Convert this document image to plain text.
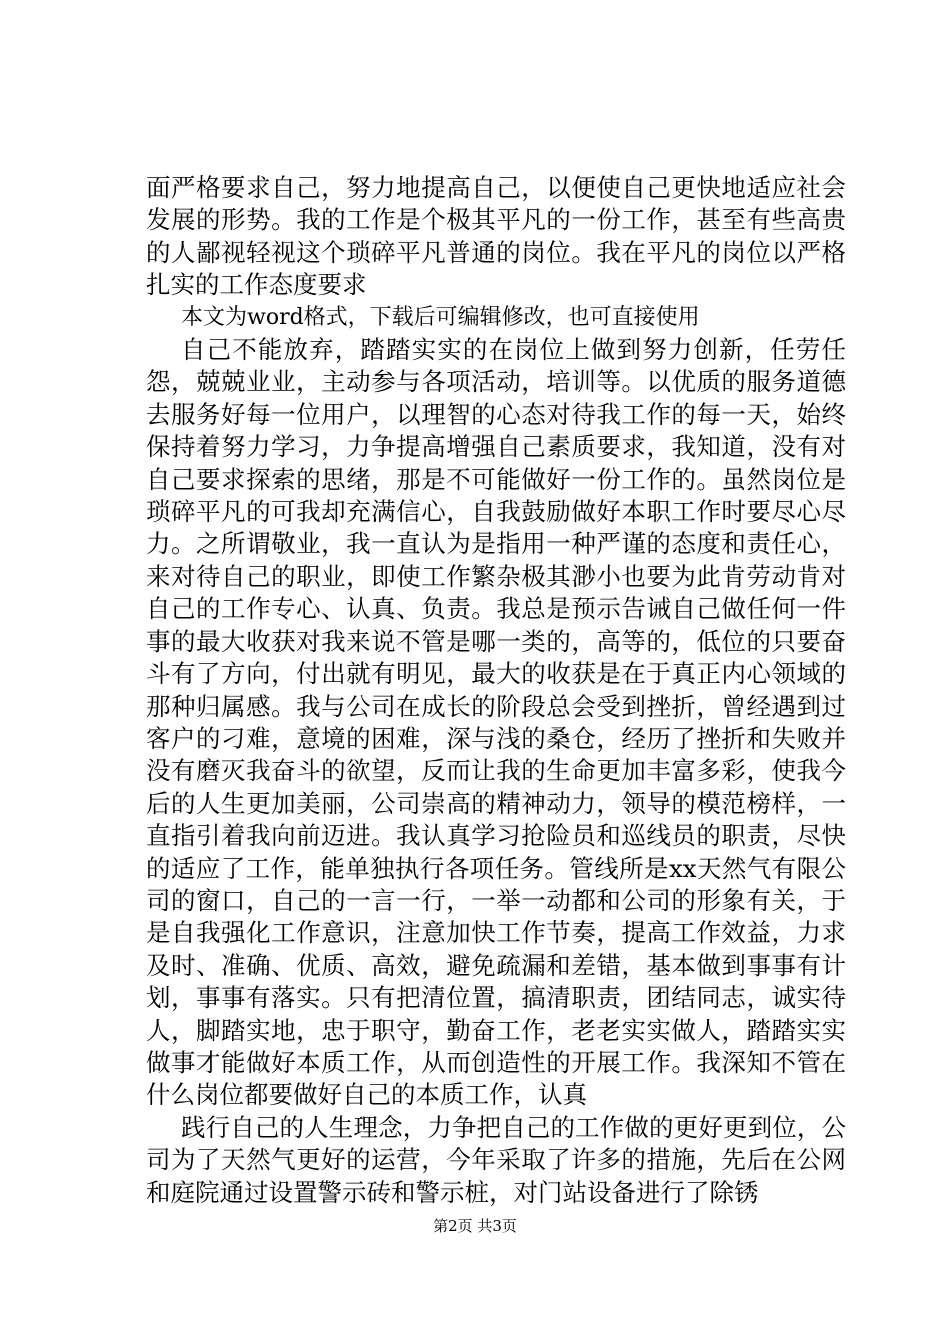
面严格要求自己，努力地提高自己，以便使自己更快地适应社会发展的形势。我的工作是个极其平凡的一份工作，甚至有些高贵的人鄙视轻视这个琐碎平凡普通的岗位。我在平凡的岗位以严格扎实的工作态度要求

本文为word格式，下载后可编辑修改，也可直接使用

自己不能放弃，踏踏实实的在岗位上做到努力创新，任劳任怨，兢兢业业，主动参与各项活动，培训等。以优质的服务道德去服务好每一位用户，以理智的心态对待我工作的每一天，始终保持着努力学习，力争提高增强自己素质要求，我知道，没有对自己要求探索的思绪，那是不可能做好一份工作的。虽然岗位是琐碎平凡的可我却充满信心，自我鼓励做好本职工作时要尽心尽力。之所谓敬业，我一直认为是指用一种严谨的态度和责任心，来对待自己的职业，即使工作繁杂极其渺小也要为此肯劳动肯对自己的工作专心、认真、负责。我总是预示告诫自己做任何一件事的最大收获对我来说不管是哪一类的，高等的，低位的只要奋斗有了方向，付出就有明见，最大的收获是在于真正内心领域的那种归属感。我与公司在成长的阶段总会受到挫折，曾经遇到过客户的刁难，意境的困难，深与浅的桑仓，经历了挫折和失败并没有磨灭我奋斗的欲望，反而让我的生命更加丰富多彩，使我今后的人生更加美丽，公司崇高的精神动力，领导的模范榜样，一直指引着我向前迈进。我认真学习抢险员和巡线员的职责，尽快的适应了工作，能单独执行各项任务。管线所是xx天然气有限公司的窗口，自己的一言一行，一举一动都和公司的形象有关，于是自我强化工作意识，注意加快工作节奏，提高工作效益，力求及时、准确、优质、高效，避免疏漏和差错，基本做到事事有计划，事事有落实。只有把清位置，搞清职责，团结同志，诚实待人，脚踏实地，忠于职守，勤奋工作，老老实实做人，踏踏实实做事才能做好本质工作，从而创造性的开展工作。我深知不管在什么岗位都要做好自己的本质工作，认真

践行自己的人生理念，力争把自己的工作做的更好更到位，公司为了天然气更好的运营，今年采取了许多的措施，先后在公网和庭院通过设置警示砖和警示桩，对门站设备进行了除锈

第2页 共3页
